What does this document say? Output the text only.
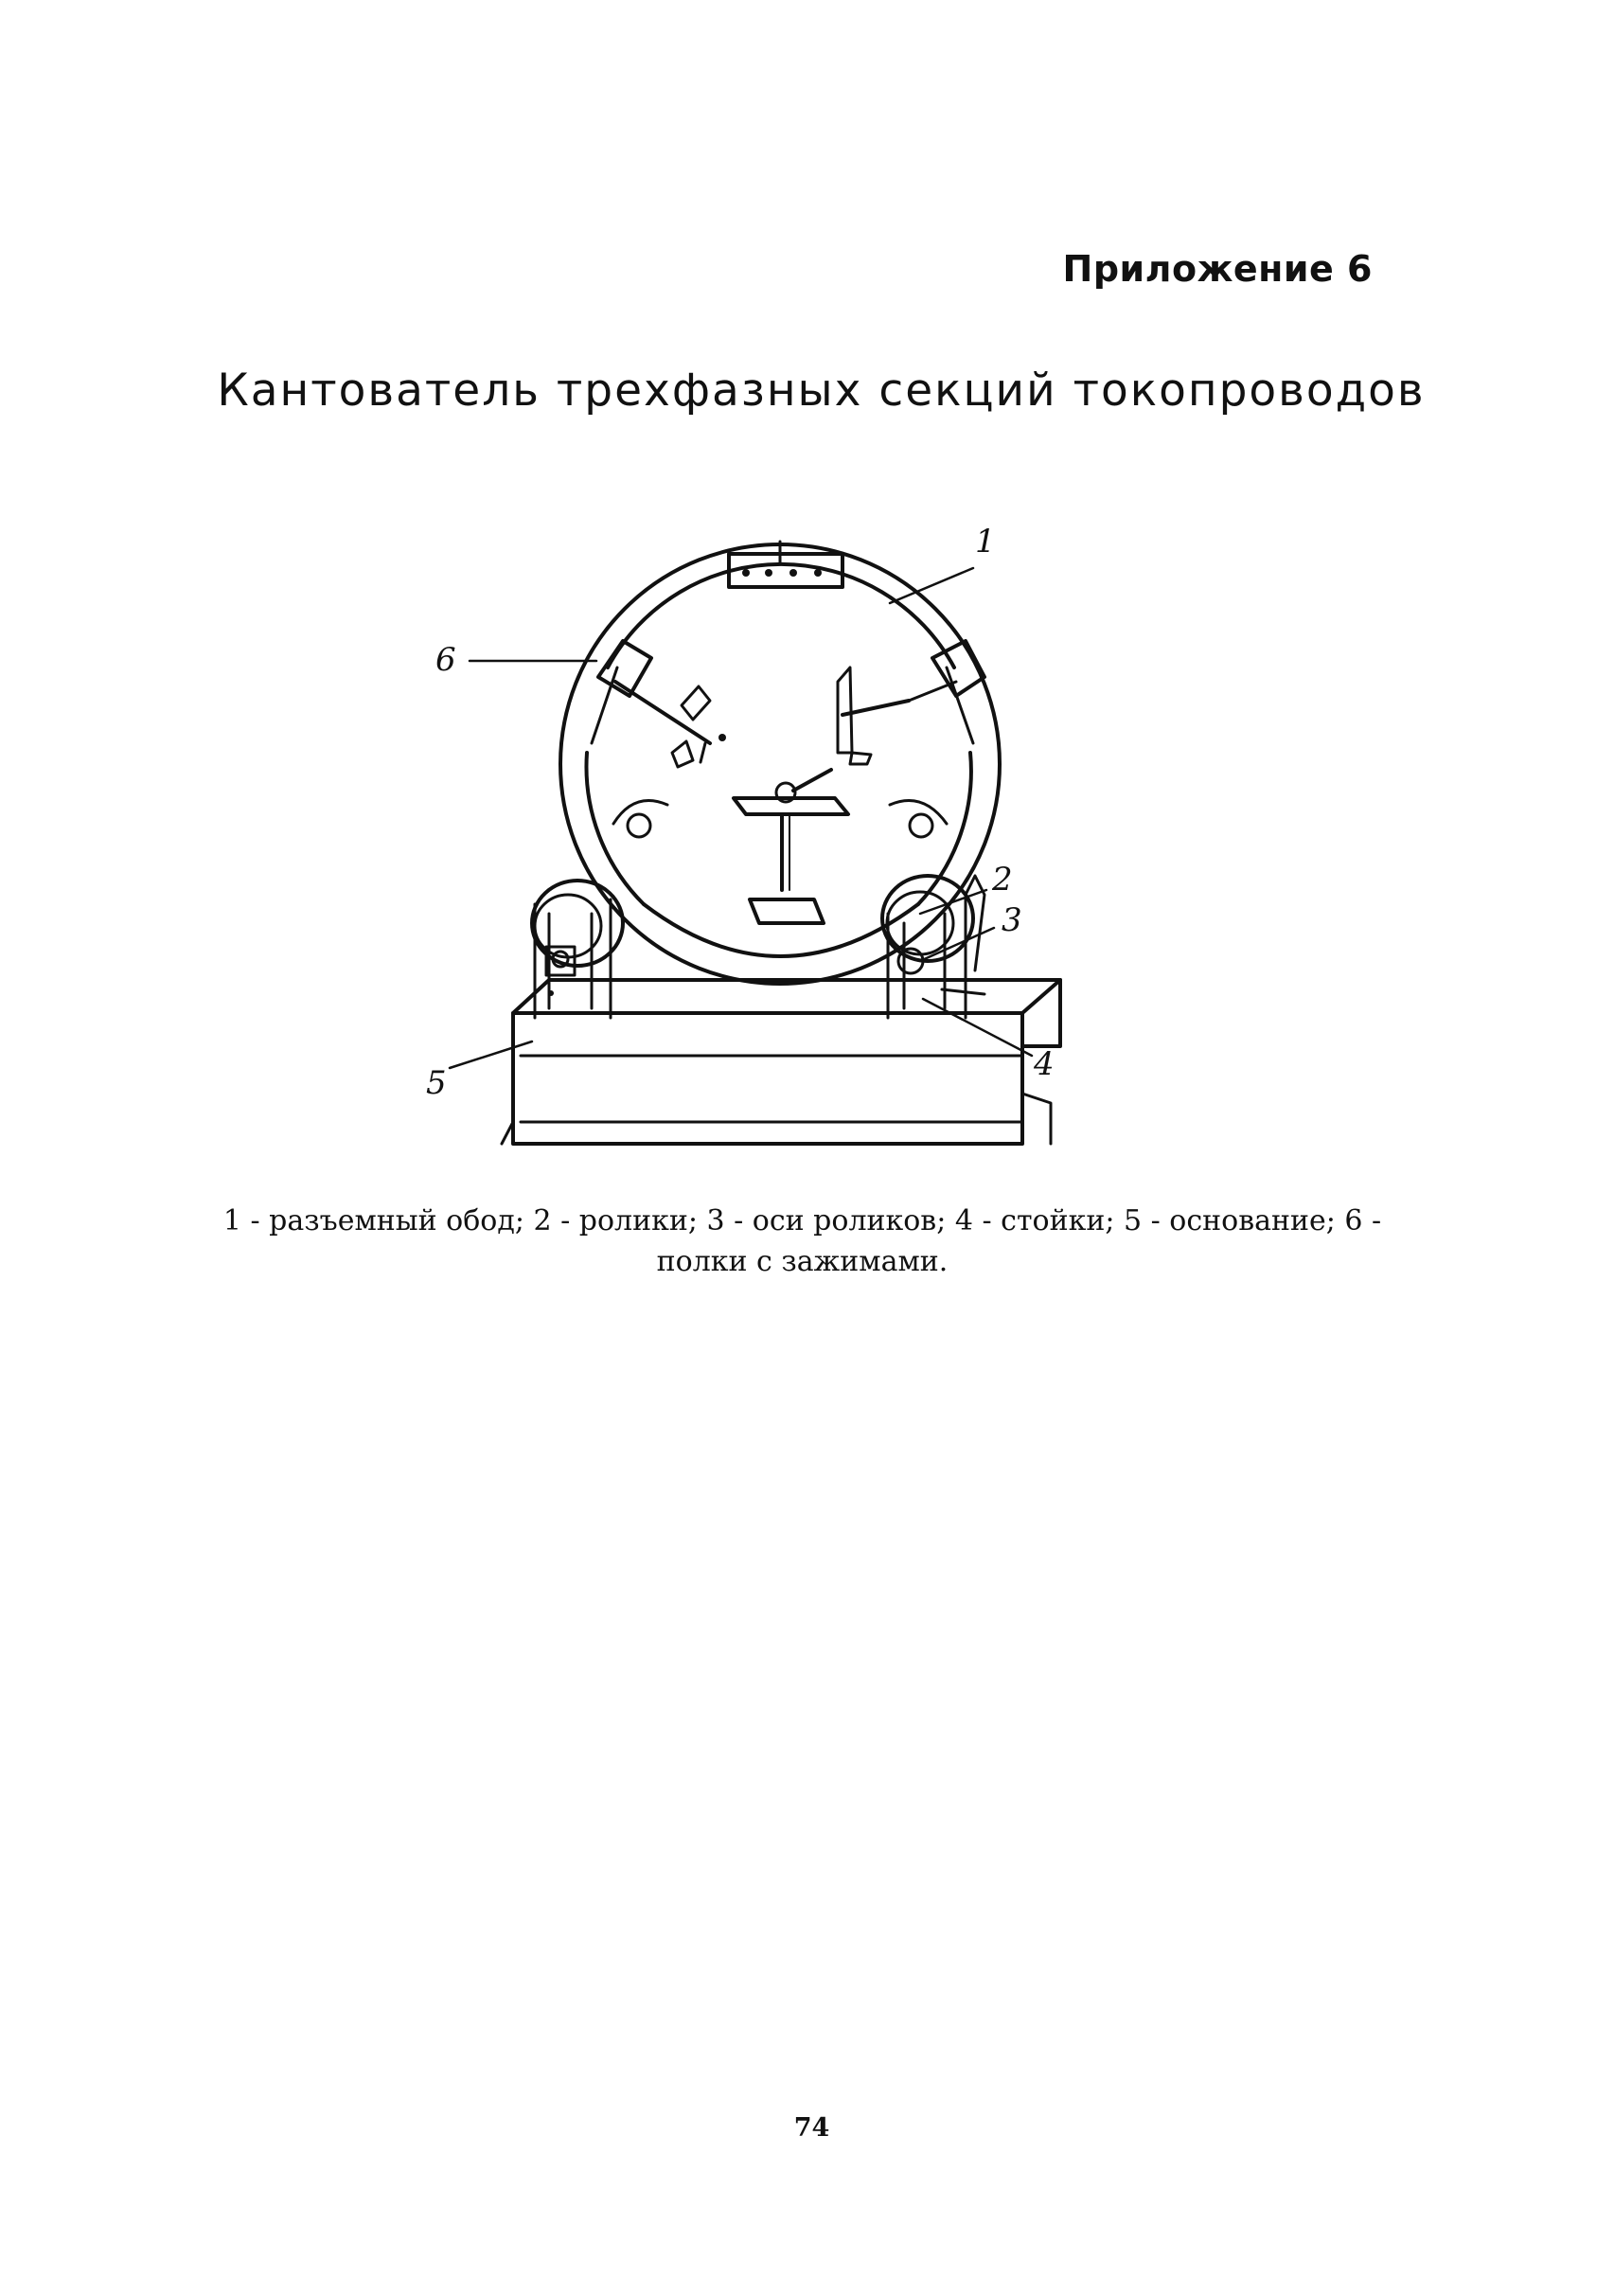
Приложение 6

Кантователь трехфазных секций токопроводов
1
2
3
4
5
6

1 - разъемный обод; 2 - ролики; 3 - оси роликов; 4 - стойки; 5 - основание; 6 - полки с зажимами.

74
